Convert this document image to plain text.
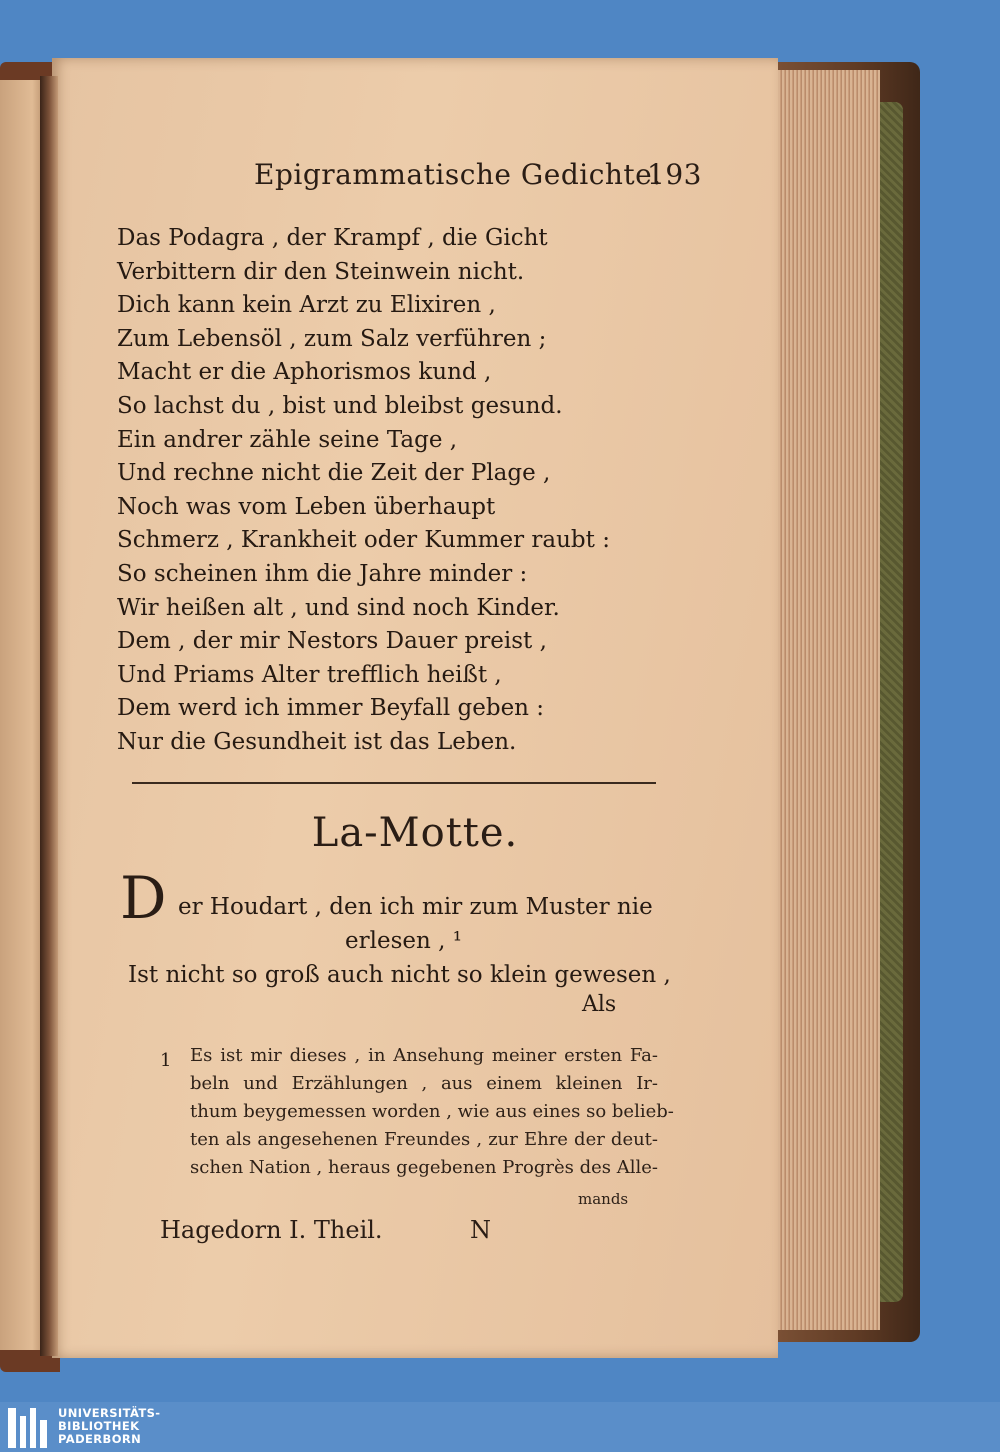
Epigrammatische Gedichte.
193
Das Podagra , der Krampf , die Gicht
Verbittern dir den Steinwein nicht.
Dich kann kein Arzt zu Elixiren ,
Zum Lebensöl , zum Salz verführen ;
Macht er die Aphorismos kund ,
So lachst du , bist und bleibst gesund.
Ein andrer zähle seine Tage ,
Und rechne nicht die Zeit der Plage ,
Noch was vom Leben überhaupt
Schmerz , Krankheit oder Kummer raubt :
So scheinen ihm die Jahre minder :
Wir heißen alt , und sind noch Kinder.
Dem , der mir Nestors Dauer preist ,
Und Priams Alter trefflich heißt ,
Dem werd ich immer Beyfall geben :
Nur die Gesundheit ist das Leben.
La-Motte.
D er Houdart , den ich mir zum Muster nie
erlesen , ¹
Ist nicht so groß auch nicht so klein gewesen ,
Als
1 Es ist mir dieses , in Ansehung meiner ersten Fa-
beln und Erzählungen , aus einem kleinen Ir-
thum beygemessen worden , wie aus eines so belieb-
ten als angesehenen Freundes , zur Ehre der deut-
schen Nation , heraus gegebenen Progrès des Alle-
mands
Hagedorn I. Theil.	N
UNIVERSITÄTS-
BIBLIOTHEK
PADERBORN
